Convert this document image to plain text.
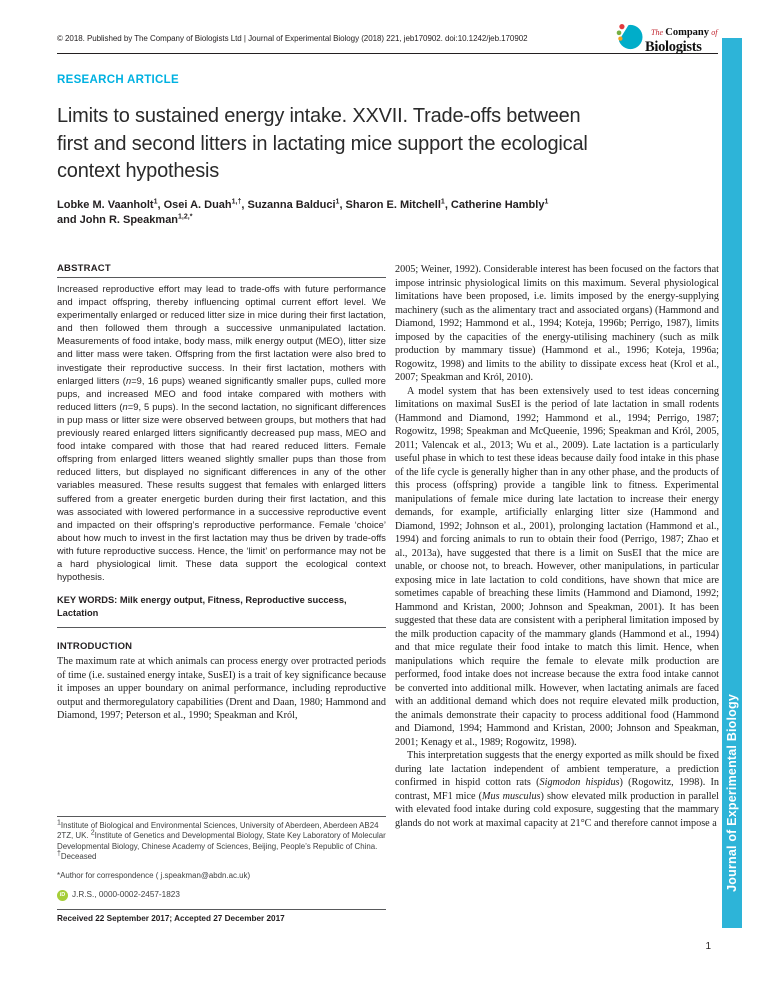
© 2018. Published by The Company of Biologists Ltd | Journal of Experimental Biology (2018) 221, jeb170902. doi:10.1242/jeb.170902
The Company of
Biologists
Journal of Experimental Biology
RESEARCH ARTICLE
Limits to sustained energy intake. XXVII. Trade-offs between
first and second litters in lactating mice support the ecological
context hypothesis
Lobke M. Vaanholt$^1$, Osei A. Duah$^{1,\dagger}$, Suzanna Balduci$^1$, Sharon E. Mitchell$^1$, Catherine Hambly$^1$
and John R. Speakman$^{1,2,*}$
ABSTRACT
Increased reproductive effort may lead to trade-offs with future performance and impact offspring, thereby influencing optimal current effort level. We experimentally enlarged or reduced litter size in mice during their first lactation, and then followed them through a successive unmanipulated lactation. Measurements of food intake, body mass, milk energy output (MEO), litter size and litter mass were taken. Offspring from the first lactation were also bred to investigate their reproductive success. In their first lactation, mothers with enlarged litters (n=9, 16 pups) weaned significantly smaller pups, culled more pups, and increased MEO and food intake compared with mothers with reduced litters (n=9, 5 pups). In the second lactation, no significant differences in pup mass or litter size were observed between groups, but mothers that had previously reared enlarged litters significantly decreased pup mass, MEO and food intake compared with those that had reared reduced litters. Female offspring from enlarged litters weaned slightly smaller pups than those from reduced litters, but displayed no significant differences in any of the other variables measured. These results suggest that females with enlarged litters suffered from a greater energetic burden during their first lactation, and this was associated with lowered performance in a successive reproductive event and impacted on their offspring’s reproductive performance. Female ‘choice’ about how much to invest in the first lactation may thus be driven by trade-offs with future reproductive success. Hence, the ‘limit’ on performance may not be a hard physiological limit. These data support the ecological context hypothesis.
KEY WORDS: Milk energy output, Fitness, Reproductive success, Lactation
INTRODUCTION
The maximum rate at which animals can process energy over protracted periods of time (i.e. sustained energy intake, SusEI) is a trait of key significance because it imposes an upper boundary on animal performance, including reproductive output and thermoregulatory capabilities (Drent and Daan, 1980; Hammond and Diamond, 1997; Peterson et al., 1990; Speakman and Król,
$^1$Institute of Biological and Environmental Sciences, University of Aberdeen, Aberdeen AB24 2TZ, UK. $^2$Institute of Genetics and Developmental Biology, State Key Laboratory of Molecular Developmental Biology, Chinese Academy of Sciences, Beijing, People’s Republic of China.
†Deceased
*Author for correspondence ( j.speakman@abdn.ac.uk)
iD J.R.S., 0000-0002-2457-1823
Received 22 September 2017; Accepted 27 December 2017

2005; Weiner, 1992). Considerable interest has been focused on the factors that impose intrinsic physiological limits on this maximum. Several physiological limitations have been proposed, i.e. limits imposed by the energy-supplying machinery (such as the alimentary tract and associated organs) (Hammond and Diamond, 1992; Hammond et al., 1994; Koteja, 1996b; Perrigo, 1987), limits imposed by the capacities of the energy-utilising machinery (such as milk production by mammary tissue) (Hammond et al., 1996; Koteja, 1996a; Rogowitz, 1998) and limits to the ability to dissipate excess heat (Krol et al., 2007; Speakman and Król, 2010).

A model system that has been extensively used to test ideas concerning limitations on maximal SusEI is the period of late lactation in small rodents (Hammond and Diamond, 1992; Hammond et al., 1994; Perrigo, 1987; Rogowitz, 1998; Speakman and McQueenie, 1996; Speakman and Król, 2005, 2011; Valencak et al., 2013; Wu et al., 2009). Late lactation is a particularly useful phase in which to test these ideas because daily food intake in this phase of the life cycle is generally higher than in any other phase, and the products of this process (offspring) provide a tangible link to fitness. Experimental manipulations of female mice during late lactation to increase their energy demands, for example, artificially enlarging litter size (Hammond and Diamond, 1992; Johnson et al., 2001), prolonging lactation (Hammond et al., 1994) and forcing animals to run to obtain their food (Perrigo, 1987; Zhao et al., 2013a), have suggested that there is a limit on SusEI that the mice are unable, or choose not, to breach. However, other manipulations, in particular exposing mice in late lactation to cold conditions, have shown that mice are sometimes capable of breaching these limits (Hammond and Diamond, 1992; Hammond and Kristan, 2000; Johnson and Speakman, 2001). It has been suggested that these data are consistent with a peripheral limitation imposed by the milk production capacity of the mammary glands (Hammond et al., 1994) and that mice regulate their food intake to match this limit. Hence, when manipulations which require the female to elevate milk production are performed, food intake does not increase because the extra food intake cannot be converted into additional milk. However, when lactating animals are faced with an additional demand which does not require elevated milk production, the animals demonstrate their capacity to process additional food (Hammond and Diamond, 1994; Hammond and Kristan, 2000; Johnson and Speakman, 2001; Kenagy et al., 1989; Rogowitz, 1998).

This interpretation suggests that the energy exported as milk should be fixed during late lactation independent of ambient temperature, a prediction confirmed in hispid cotton rats (Sigmodon hispidus) (Rogowitz, 1998). In contrast, MF1 mice (Mus musculus) show elevated milk production in parallel with elevated food intake during cold exposure, suggesting that the mammary glands do not work at maximal capacity at 21°C and therefore cannot impose a

1
